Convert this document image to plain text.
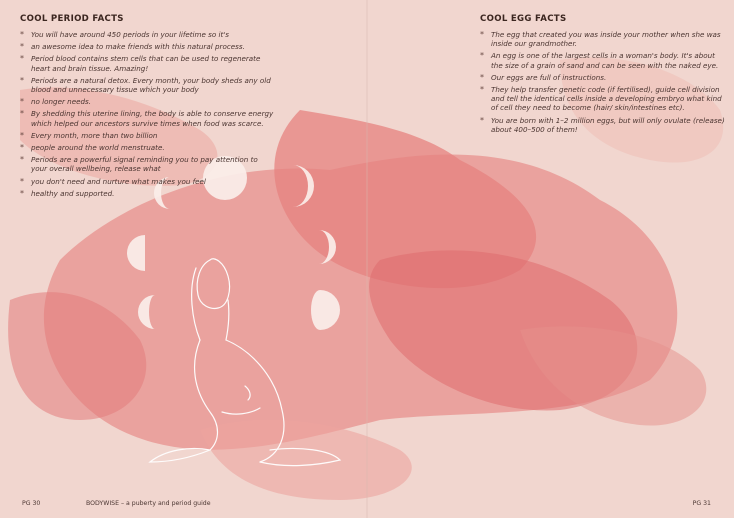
COOL PERIOD FACTS
* You will have around 450 periods in your lifetime so it's
* an awesome idea to make friends with this natural process.
* Period blood contains stem cells that can be used to regenerate heart and brain tissue. Amazing!
* Periods are a natural detox. Every month, your body sheds any old blood and unnecessary tissue which your body
* no longer needs.
* By shedding this uterine lining, the body is able to conserve energy which helped our ancestors survive times when food was scarce.
* Every month, more than two billion
* people around the world menstruate.
* Periods are a powerful signal reminding you to pay attention to your overall wellbeing, release what
* you don't need and nurture what makes you feel
* healthy and supported.
COOL EGG FACTS
* The egg that created you was inside your mother when she was inside our grandmother.
* An egg is one of the largest cells in a woman's body. It's about the size of a grain of sand and can be seen with the naked eye.
* Our eggs are full of instructions.
* They help transfer genetic code (if fertilised), guide cell division and tell the identical cells inside a developing embryo what kind of cell they need to become (hair/ skin/intestines etc).
* You are born with 1–2 million eggs, but will only ovulate (release) about 400–500 of them!
PG 30	BODYWISE – a puberty and period guide	PG 31
